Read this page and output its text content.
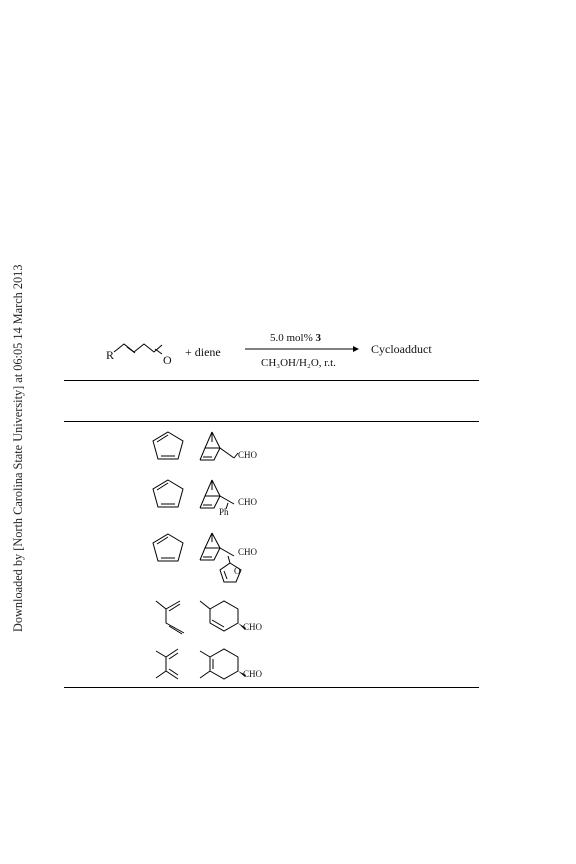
Downloaded by [North Carolina State University] at 06:05 14 March 2013	R	O
+ diene
5.0 mol% 3
CH₃OH/H₂O, r.t.
Cycloadduct
CHO
CHO
Ph
CHO
O
CHO
CHO
